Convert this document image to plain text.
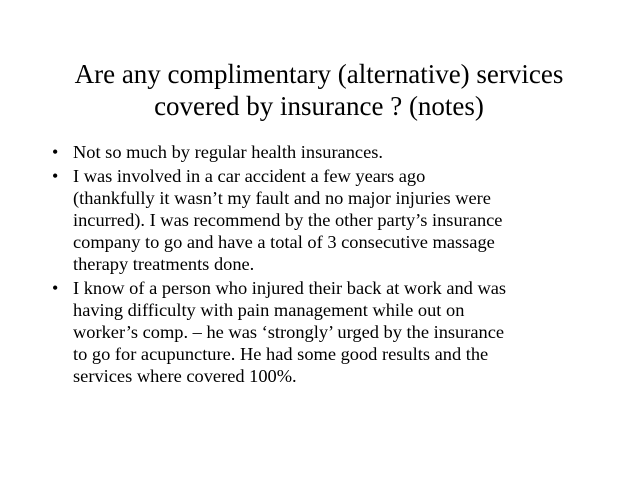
Are any complimentary (alternative) services
covered by insurance ? (notes)
• Not so much by regular health insurances.
• I was involved in a car accident a few years ago
(thankfully it wasn’t my fault and no major injuries were
incurred). I was recommend by the other party’s insurance
company to go and have a total of 3 consecutive massage
therapy treatments done.
• I know of a person who injured their back at work and was
having difficulty with pain management while out on
worker’s comp. – he was ‘strongly’ urged by the insurance
to go for acupuncture. He had some good results and the
services where covered 100%.
